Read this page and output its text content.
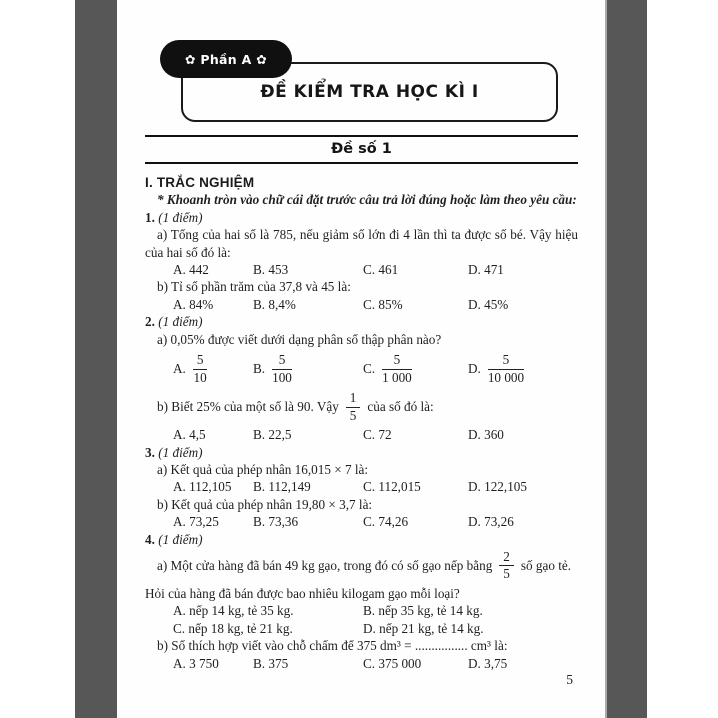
ĐỀ KIỂM TRA HỌC KÌ I
✿ Phần A ✿
Đề số 1
I. TRẮC NGHIỆM
* Khoanh tròn vào chữ cái đặt trước câu trả lời đúng hoặc làm theo yêu cầu:
1. (1 điểm)

a) Tổng của hai số là 785, nếu giảm số lớn đi 4 lần thì ta được số bé. Vậy hiệu của hai số đó là:

A. 442	B. 453	C. 461	D. 471

b) Tỉ số phần trăm của 37,8 và 45 là:

A. 84%	B. 8,4%	C. 85%	D. 45%
2. (1 điểm)

a) 0,05% được viết dưới dạng phân số thập phân nào?

A. $\frac{5}{10}$	B. $\frac{5}{100}$	C. $\frac{5}{1 000}$	D. $\frac{5}{10 000}$
b) Biết 25% của một số là 90. Vậy $\frac{1}{5}$ của số đó là:
A. 4,5	B. 22,5	C. 72	D. 360
3. (1 điểm)

a) Kết quả của phép nhân 16,015 × 7 là:

A. 112,105	B. 112,149	C. 112,015	D. 122,105

b) Kết quả của phép nhân 19,80 × 3,7 là:

A. 73,25	B. 73,36	C. 74,26	D. 73,26
4. (1 điểm)
a) Một cửa hàng đã bán 49 kg gạo, trong đó có số gạo nếp bằng $\frac{2}{5}$ số gạo tẻ.

Hỏi của hàng đã bán được bao nhiêu kilogam gạo mỗi loại?

A. nếp 14 kg, tẻ 35 kg.	B. nếp 35 kg, tẻ 14 kg.
C. nếp 18 kg, tẻ 21 kg.	D. nếp 21 kg, tẻ 14 kg.

b) Số thích hợp viết vào chỗ chấm để 375 dm³ = ................ cm³ là:

A. 3 750	B. 375	C. 375 000	D. 3,75
5
